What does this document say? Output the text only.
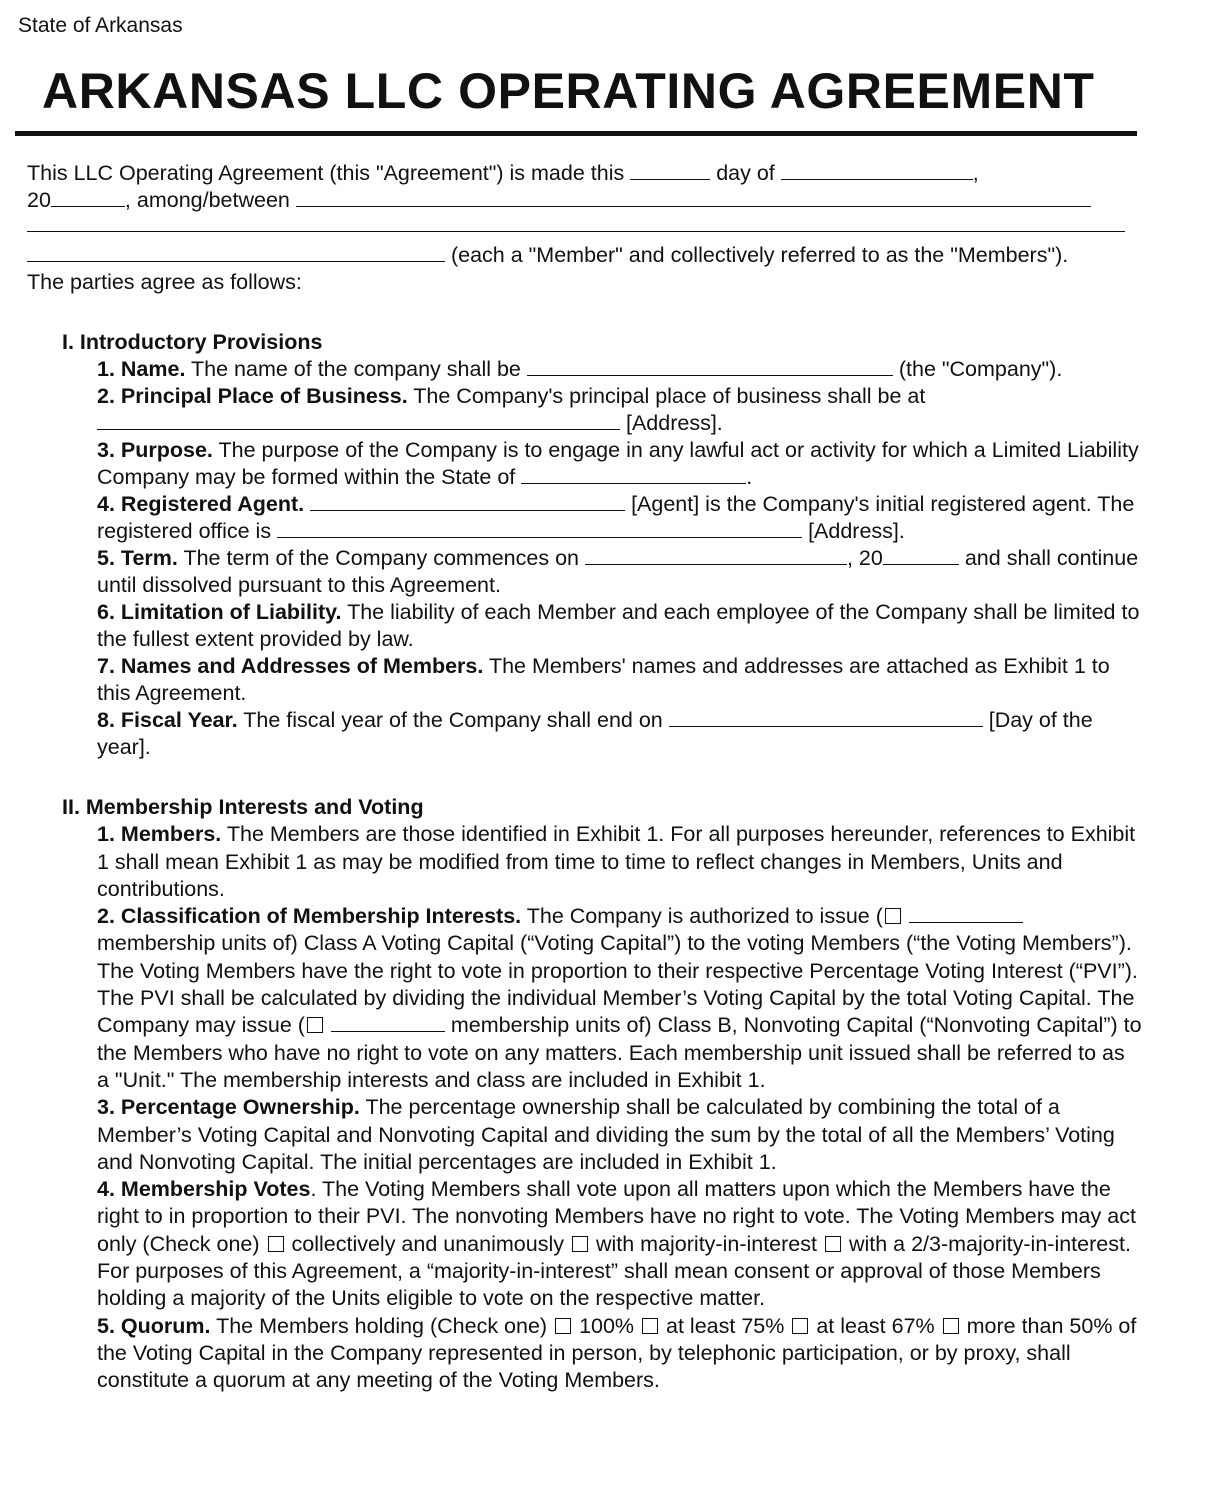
State of Arkansas
ARKANSAS LLC OPERATING AGREEMENT
This LLC Operating Agreement (this "Agreement") is made this	day of	,
20	, among/between
(each a "Member" and collectively referred to as the "Members").
The parties agree as follows:
I. Introductory Provisions

1. Name. The name of the company shall be	(the "Company").

2. Principal Place of Business. The Company's principal place of business shall be at
[Address].

3. Purpose. The purpose of the Company is to engage in any lawful act or activity for which a Limited Liability Company may be formed within the State of	.

4. Registered Agent.	[Agent] is the Company's initial registered agent. The registered office is	[Address].

5. Term. The term of the Company commences on	, 20	and shall continue until dissolved pursuant to this Agreement.

6. Limitation of Liability. The liability of each Member and each employee of the Company shall be limited to the fullest extent provided by law.

7. Names and Addresses of Members. The Members' names and addresses are attached as Exhibit 1 to this Agreement.

8. Fiscal Year. The fiscal year of the Company shall end on	[Day of the year].

II. Membership Interests and Voting

1. Members. The Members are those identified in Exhibit 1. For all purposes hereunder, references to Exhibit 1 shall mean Exhibit 1 as may be modified from time to time to reflect changes in Members, Units and contributions.

2. Classification of Membership Interests. The Company is authorized to issue (  membership units of) Class A Voting Capital (“Voting Capital”) to the voting Members (“the Voting Members”). The Voting Members have the right to vote in proportion to their respective Percentage Voting Interest (“PVI”). The PVI shall be calculated by dividing the individual Member’s Voting Capital by the total Voting Capital. The Company may issue (	membership units of) Class B, Nonvoting Capital (“Nonvoting Capital”) to the Members who have no right to vote on any matters. Each membership unit issued shall be referred to as a "Unit." The membership interests and class are included in Exhibit 1.

3. Percentage Ownership. The percentage ownership shall be calculated by combining the total of a Member’s Voting Capital and Nonvoting Capital and dividing the sum by the total of all the Members’ Voting and Nonvoting Capital. The initial percentages are included in Exhibit 1.

4. Membership Votes. The Voting Members shall vote upon all matters upon which the Members have the right to in proportion to their PVI. The nonvoting Members have no right to vote. The Voting Members may act only (Check one) collectively and unanimously with majority-in-interest with a 2/3-majority-in-interest. For purposes of this Agreement, a “majority-in-interest” shall mean consent or approval of those Members holding a majority of the Units eligible to vote on the respective matter.

5. Quorum. The Members holding (Check one) 100% at least 75% at least 67% more than 50% of the Voting Capital in the Company represented in person, by telephonic participation, or by proxy, shall constitute a quorum at any meeting of the Voting Members.
